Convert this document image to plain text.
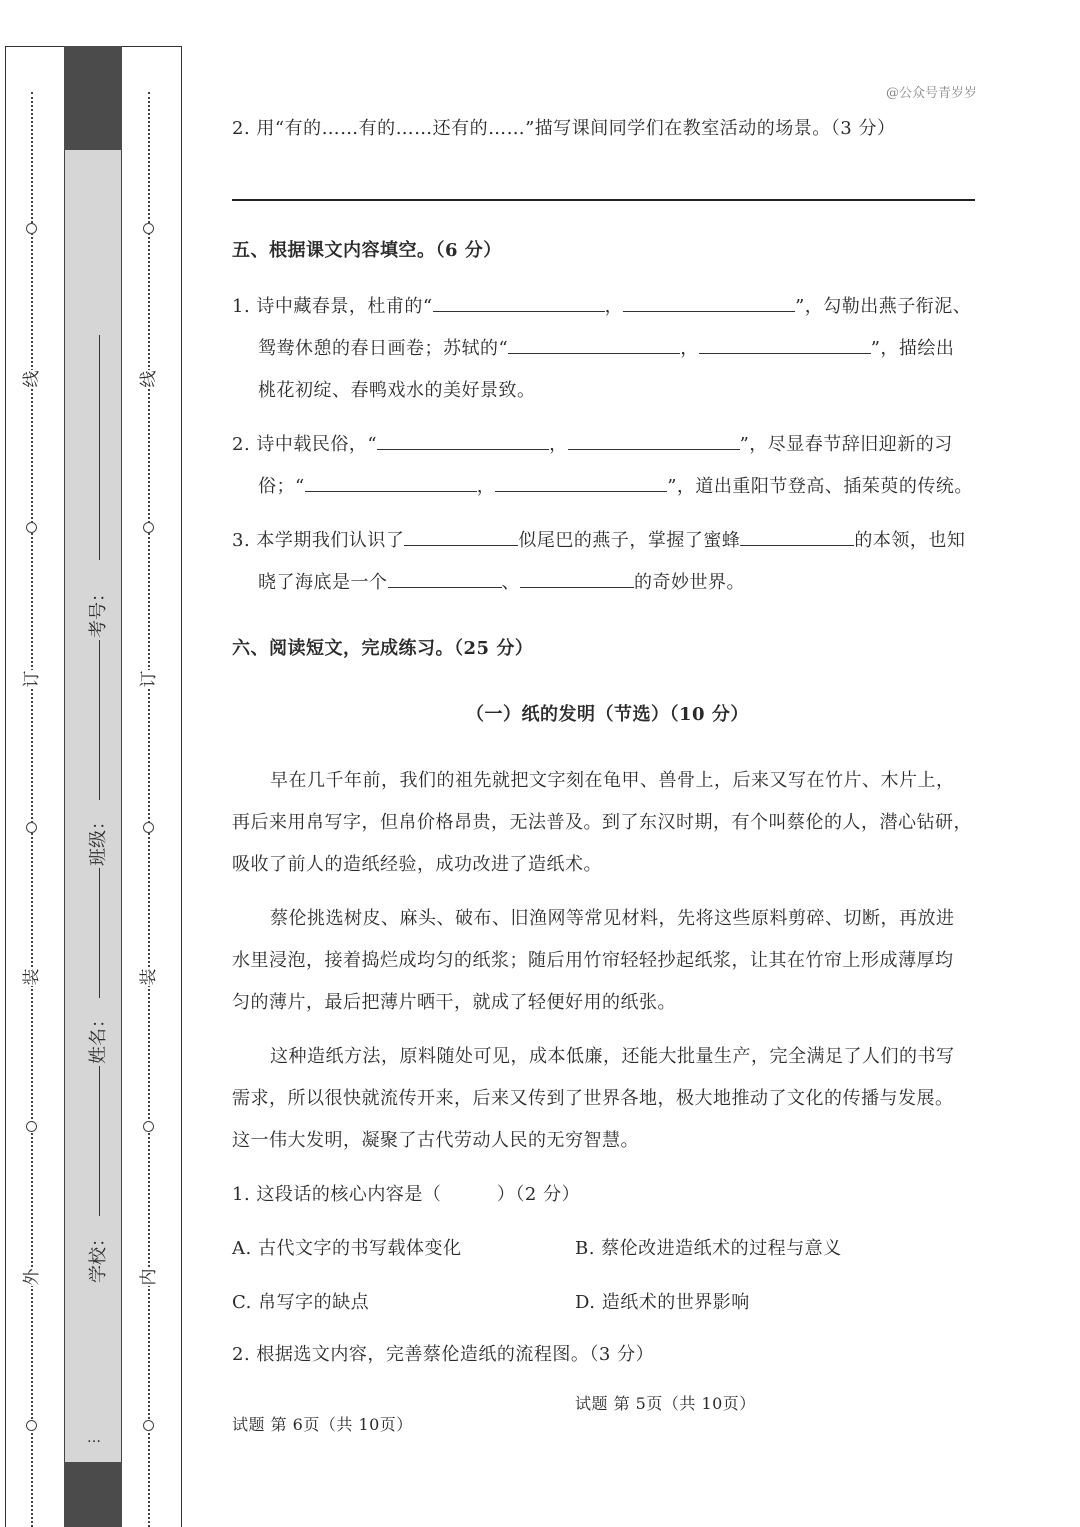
@公众号青岁岁
线
订
装
外
线
订
装
内
考号：
班级：
姓名：
学校：
…
2. 用“有的……有的……还有的……”描写课间同学们在教室活动的场景。（3 分）
五、根据课文内容填空。（6 分）
1. 诗中藏春景，杜甫的“	，	”，勾勒出燕子衔泥、
鸳鸯休憩的春日画卷；苏轼的“	，	”，描绘出
桃花初绽、春鸭戏水的美好景致。
2. 诗中载民俗，“	，	”，尽显春节辞旧迎新的习
俗；“	，	”，道出重阳节登高、插茱萸的传统。
3. 本学期我们认识了	似尾巴的燕子，掌握了蜜蜂	的本领，也知
晓了海底是一个	、	的奇妙世界。
六、阅读短文，完成练习。（25 分）
（一）纸的发明（节选）（10 分）
早在几千年前，我们的祖先就把文字刻在龟甲、兽骨上，后来又写在竹片、木片上，
再后来用帛写字，但帛价格昂贵，无法普及。到了东汉时期，有个叫蔡伦的人，潜心钻研，
吸收了前人的造纸经验，成功改进了造纸术。
蔡伦挑选树皮、麻头、破布、旧渔网等常见材料，先将这些原料剪碎、切断，再放进
水里浸泡，接着捣烂成均匀的纸浆；随后用竹帘轻轻抄起纸浆，让其在竹帘上形成薄厚均
匀的薄片，最后把薄片晒干，就成了轻便好用的纸张。
这种造纸方法，原料随处可见，成本低廉，还能大批量生产，完全满足了人们的书写
需求，所以很快就流传开来，后来又传到了世界各地，极大地推动了文化的传播与发展。
这一伟大发明，凝聚了古代劳动人民的无穷智慧。
1. 这段话的核心内容是（　　　）（2 分）
A. 古代文字的书写载体变化	B. 蔡伦改进造纸术的过程与意义
C. 帛写字的缺点	D. 造纸术的世界影响
2. 根据选文内容，完善蔡伦造纸的流程图。（3 分）
试题 第 5页（共 10页）
试题 第 6页（共 10页）
